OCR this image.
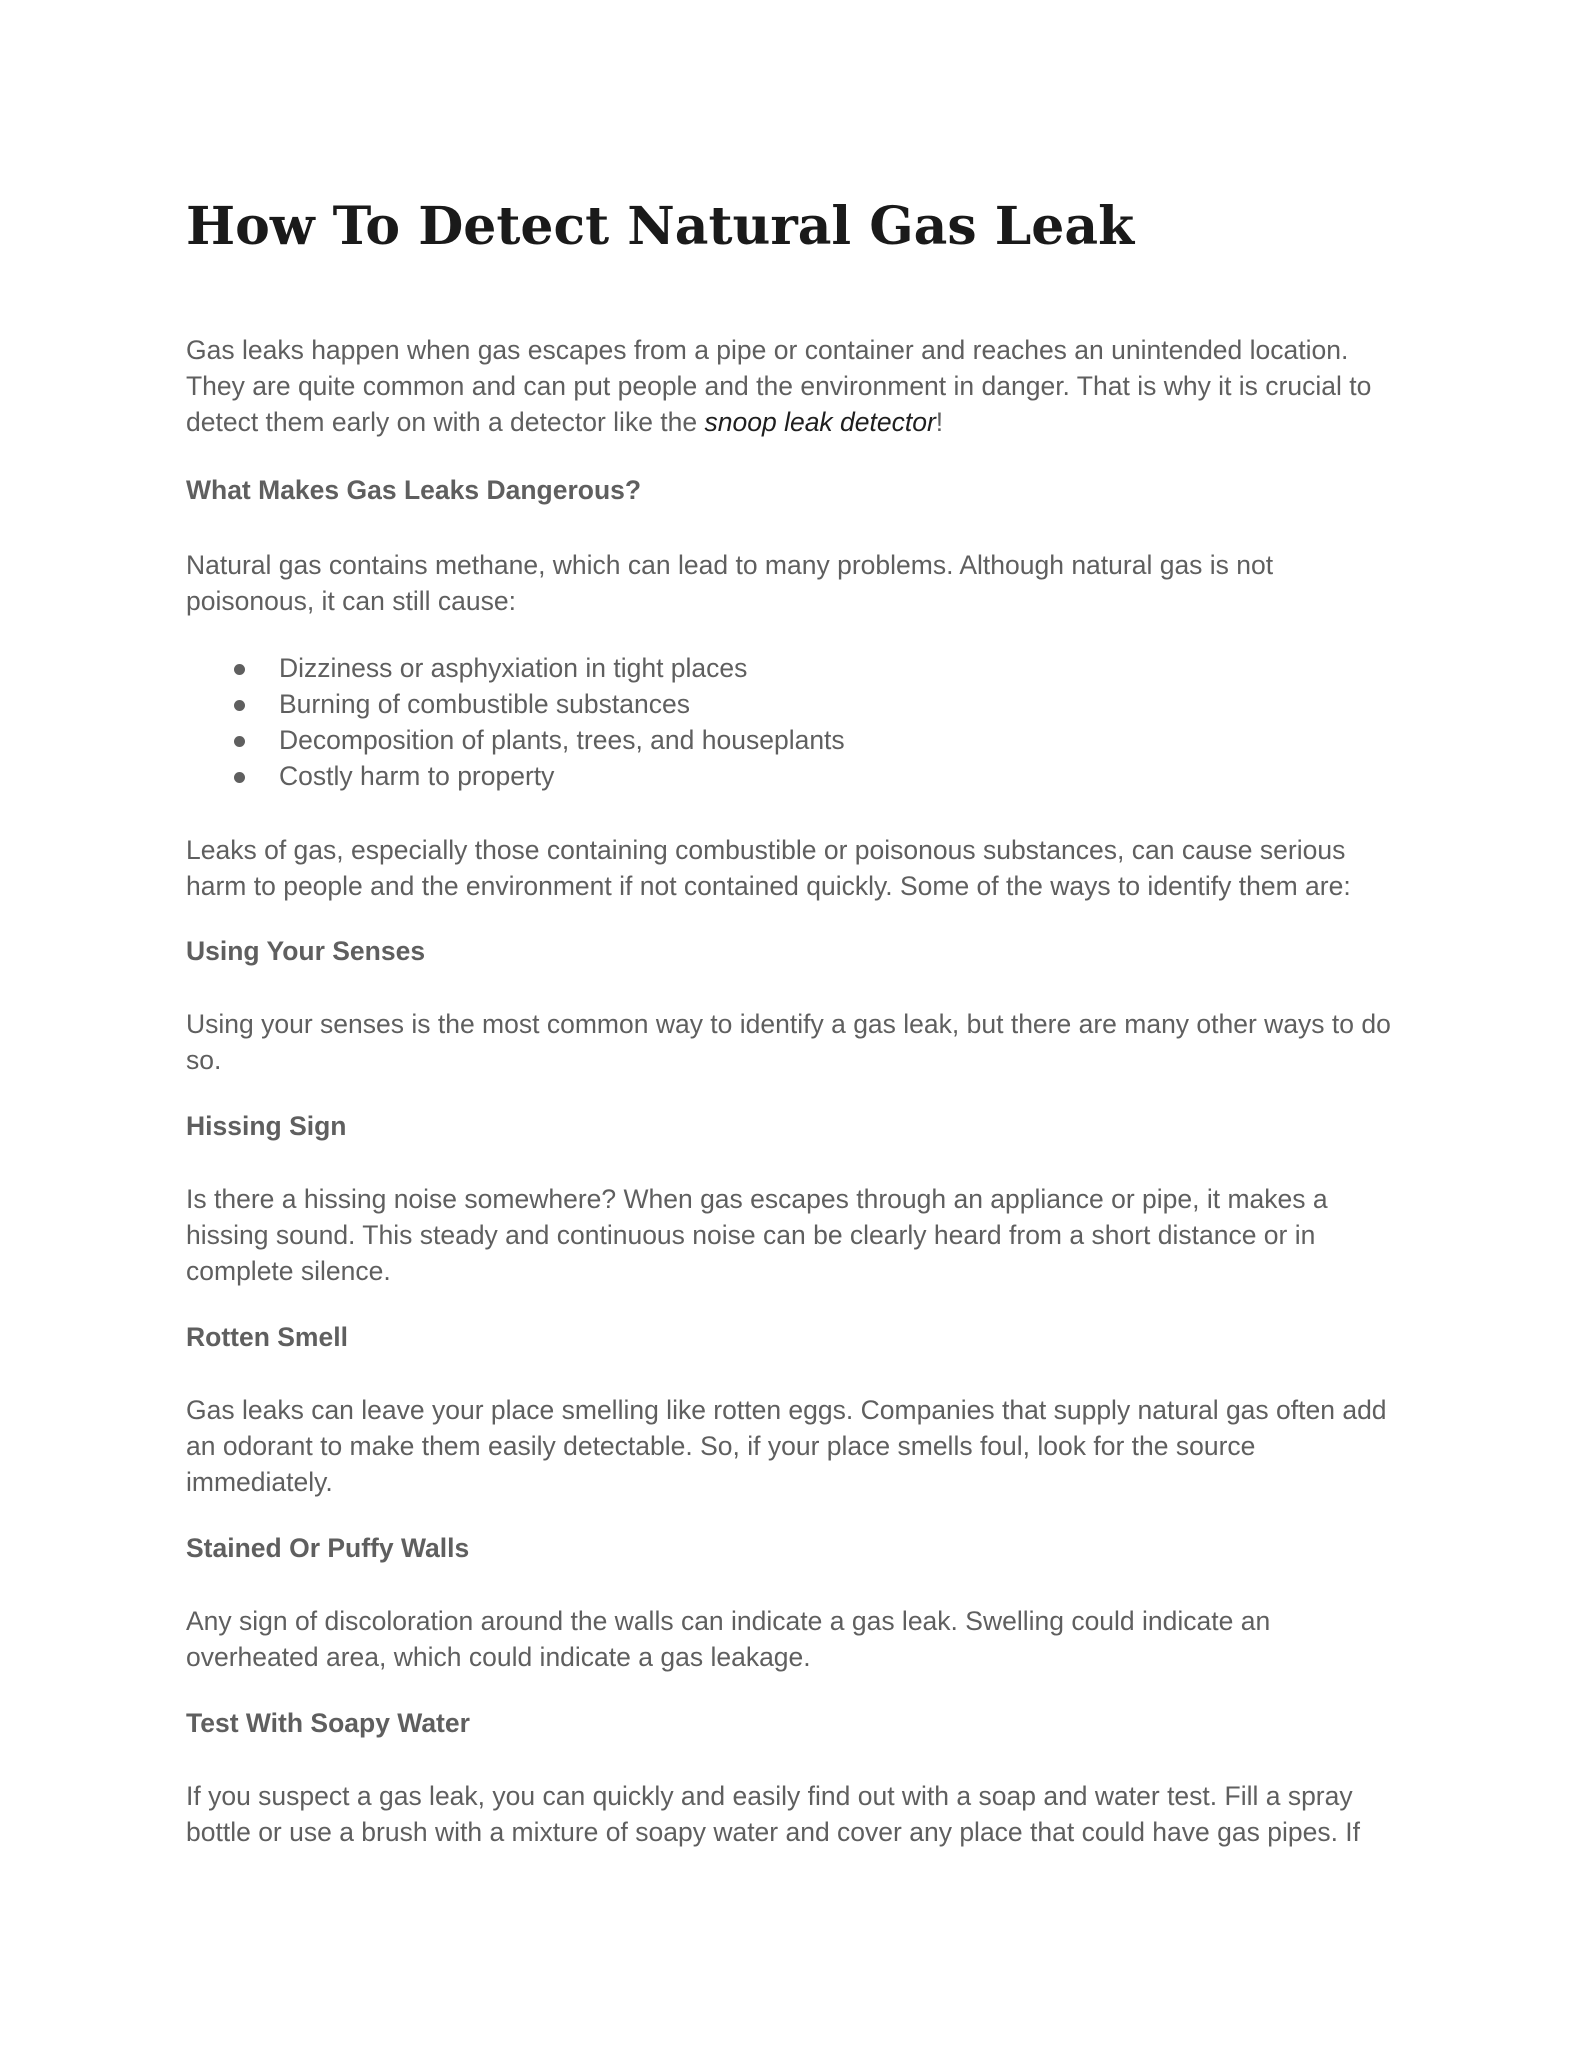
How To Detect Natural Gas Leak

Gas leaks happen when gas escapes from a pipe or container and reaches an unintended location. They are quite common and can put people and the environment in danger. That is why it is crucial to detect them early on with a detector like the snoop leak detector!

What Makes Gas Leaks Dangerous?

Natural gas contains methane, which can lead to many problems. Although natural gas is not poisonous, it can still cause:

Dizziness or asphyxiation in tight places
Burning of combustible substances
Decomposition of plants, trees, and houseplants
Costly harm to property

Leaks of gas, especially those containing combustible or poisonous substances, can cause serious harm to people and the environment if not contained quickly. Some of the ways to identify them are:

Using Your Senses

Using your senses is the most common way to identify a gas leak, but there are many other ways to do so.

Hissing Sign

Is there a hissing noise somewhere? When gas escapes through an appliance or pipe, it makes a hissing sound. This steady and continuous noise can be clearly heard from a short distance or in complete silence.

Rotten Smell

Gas leaks can leave your place smelling like rotten eggs. Companies that supply natural gas often add an odorant to make them easily detectable. So, if your place smells foul, look for the source immediately.

Stained Or Puffy Walls

Any sign of discoloration around the walls can indicate a gas leak. Swelling could indicate an overheated area, which could indicate a gas leakage.

Test With Soapy Water

If you suspect a gas leak, you can quickly and easily find out with a soap and water test. Fill a spray bottle or use a brush with a mixture of soapy water and cover any place that could have gas pipes. If
